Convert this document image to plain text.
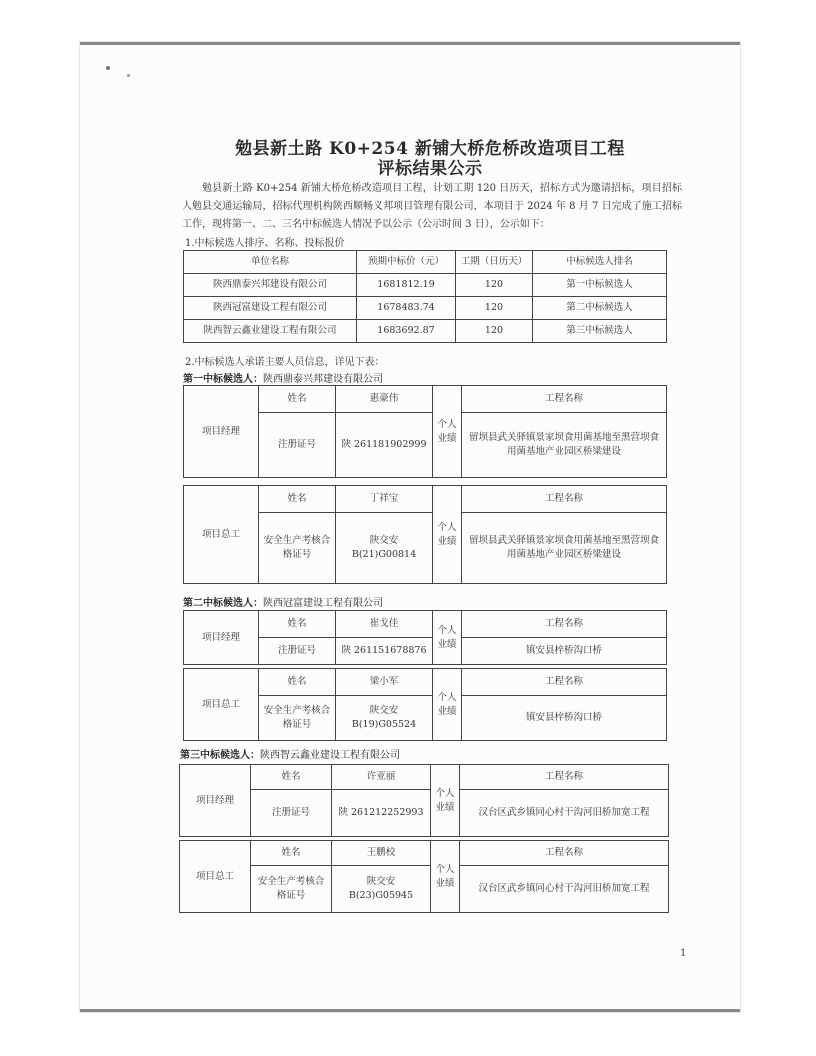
勉县新土路 K0+254 新铺大桥危桥改造项目工程
评标结果公示
勉县新土路 K0+254 新铺大桥危桥改造项目工程，计划工期 120 日历天，招标方式为邀请招标，项目招标人勉县交通运输局，招标代理机构陕西顺畅义邦项目管理有限公司，本项目于 2024 年 8 月 7 日完成了施工招标工作，现将第一、二、三名中标候选人情况予以公示（公示时间 3 日），公示如下：
1.中标候选人排序、名称、投标报价
单位名称	预期中标价（元）	工期（日历天）	中标候选人排名
陕西鼎泰兴邦建设有限公司	1681812.19	120	第一中标候选人
陕西冠富建设工程有限公司	1678483.74	120	第二中标候选人
陕西智云鑫业建设工程有限公司	1683692.87	120	第三中标候选人
2.中标候选人承诺主要人员信息，详见下表：
第一中标候选人：陕西鼎泰兴邦建设有限公司
项目经理	姓名	惠豪伟	个人业绩	工程名称
	注册证号	陕 261181902999		留坝县武关驿镇景家坝食用菌基地至黑营坝食用菌基地产业园区桥梁建设
项目总工	姓名	丁祥宝	个人业绩	工程名称
	安全生产考核合格证号	陕交安 B(21)G00814		留坝县武关驿镇景家坝食用菌基地至黑营坝食用菌基地产业园区桥梁建设
第二中标候选人：陕西冠富建设工程有限公司
项目经理	姓名	崔戈佳	个人业绩	工程名称
	注册证号	陕 261151678876		镇安县梓桥沟口桥
项目总工	姓名	梁小军	个人业绩	工程名称
	安全生产考核合格证号	陕交安 B(19)G05524		镇安县梓桥沟口桥
第三中标候选人：陕西智云鑫业建设工程有限公司
项目经理	姓名	许亚丽	个人业绩	工程名称
	注册证号	陕 261212252993		汉台区武乡镇同心村干沟河旧桥加宽工程
项目总工	姓名	王鹏校	个人业绩	工程名称
	安全生产考核合格证号	陕交安 B(23)G05945		汉台区武乡镇同心村干沟河旧桥加宽工程
1
